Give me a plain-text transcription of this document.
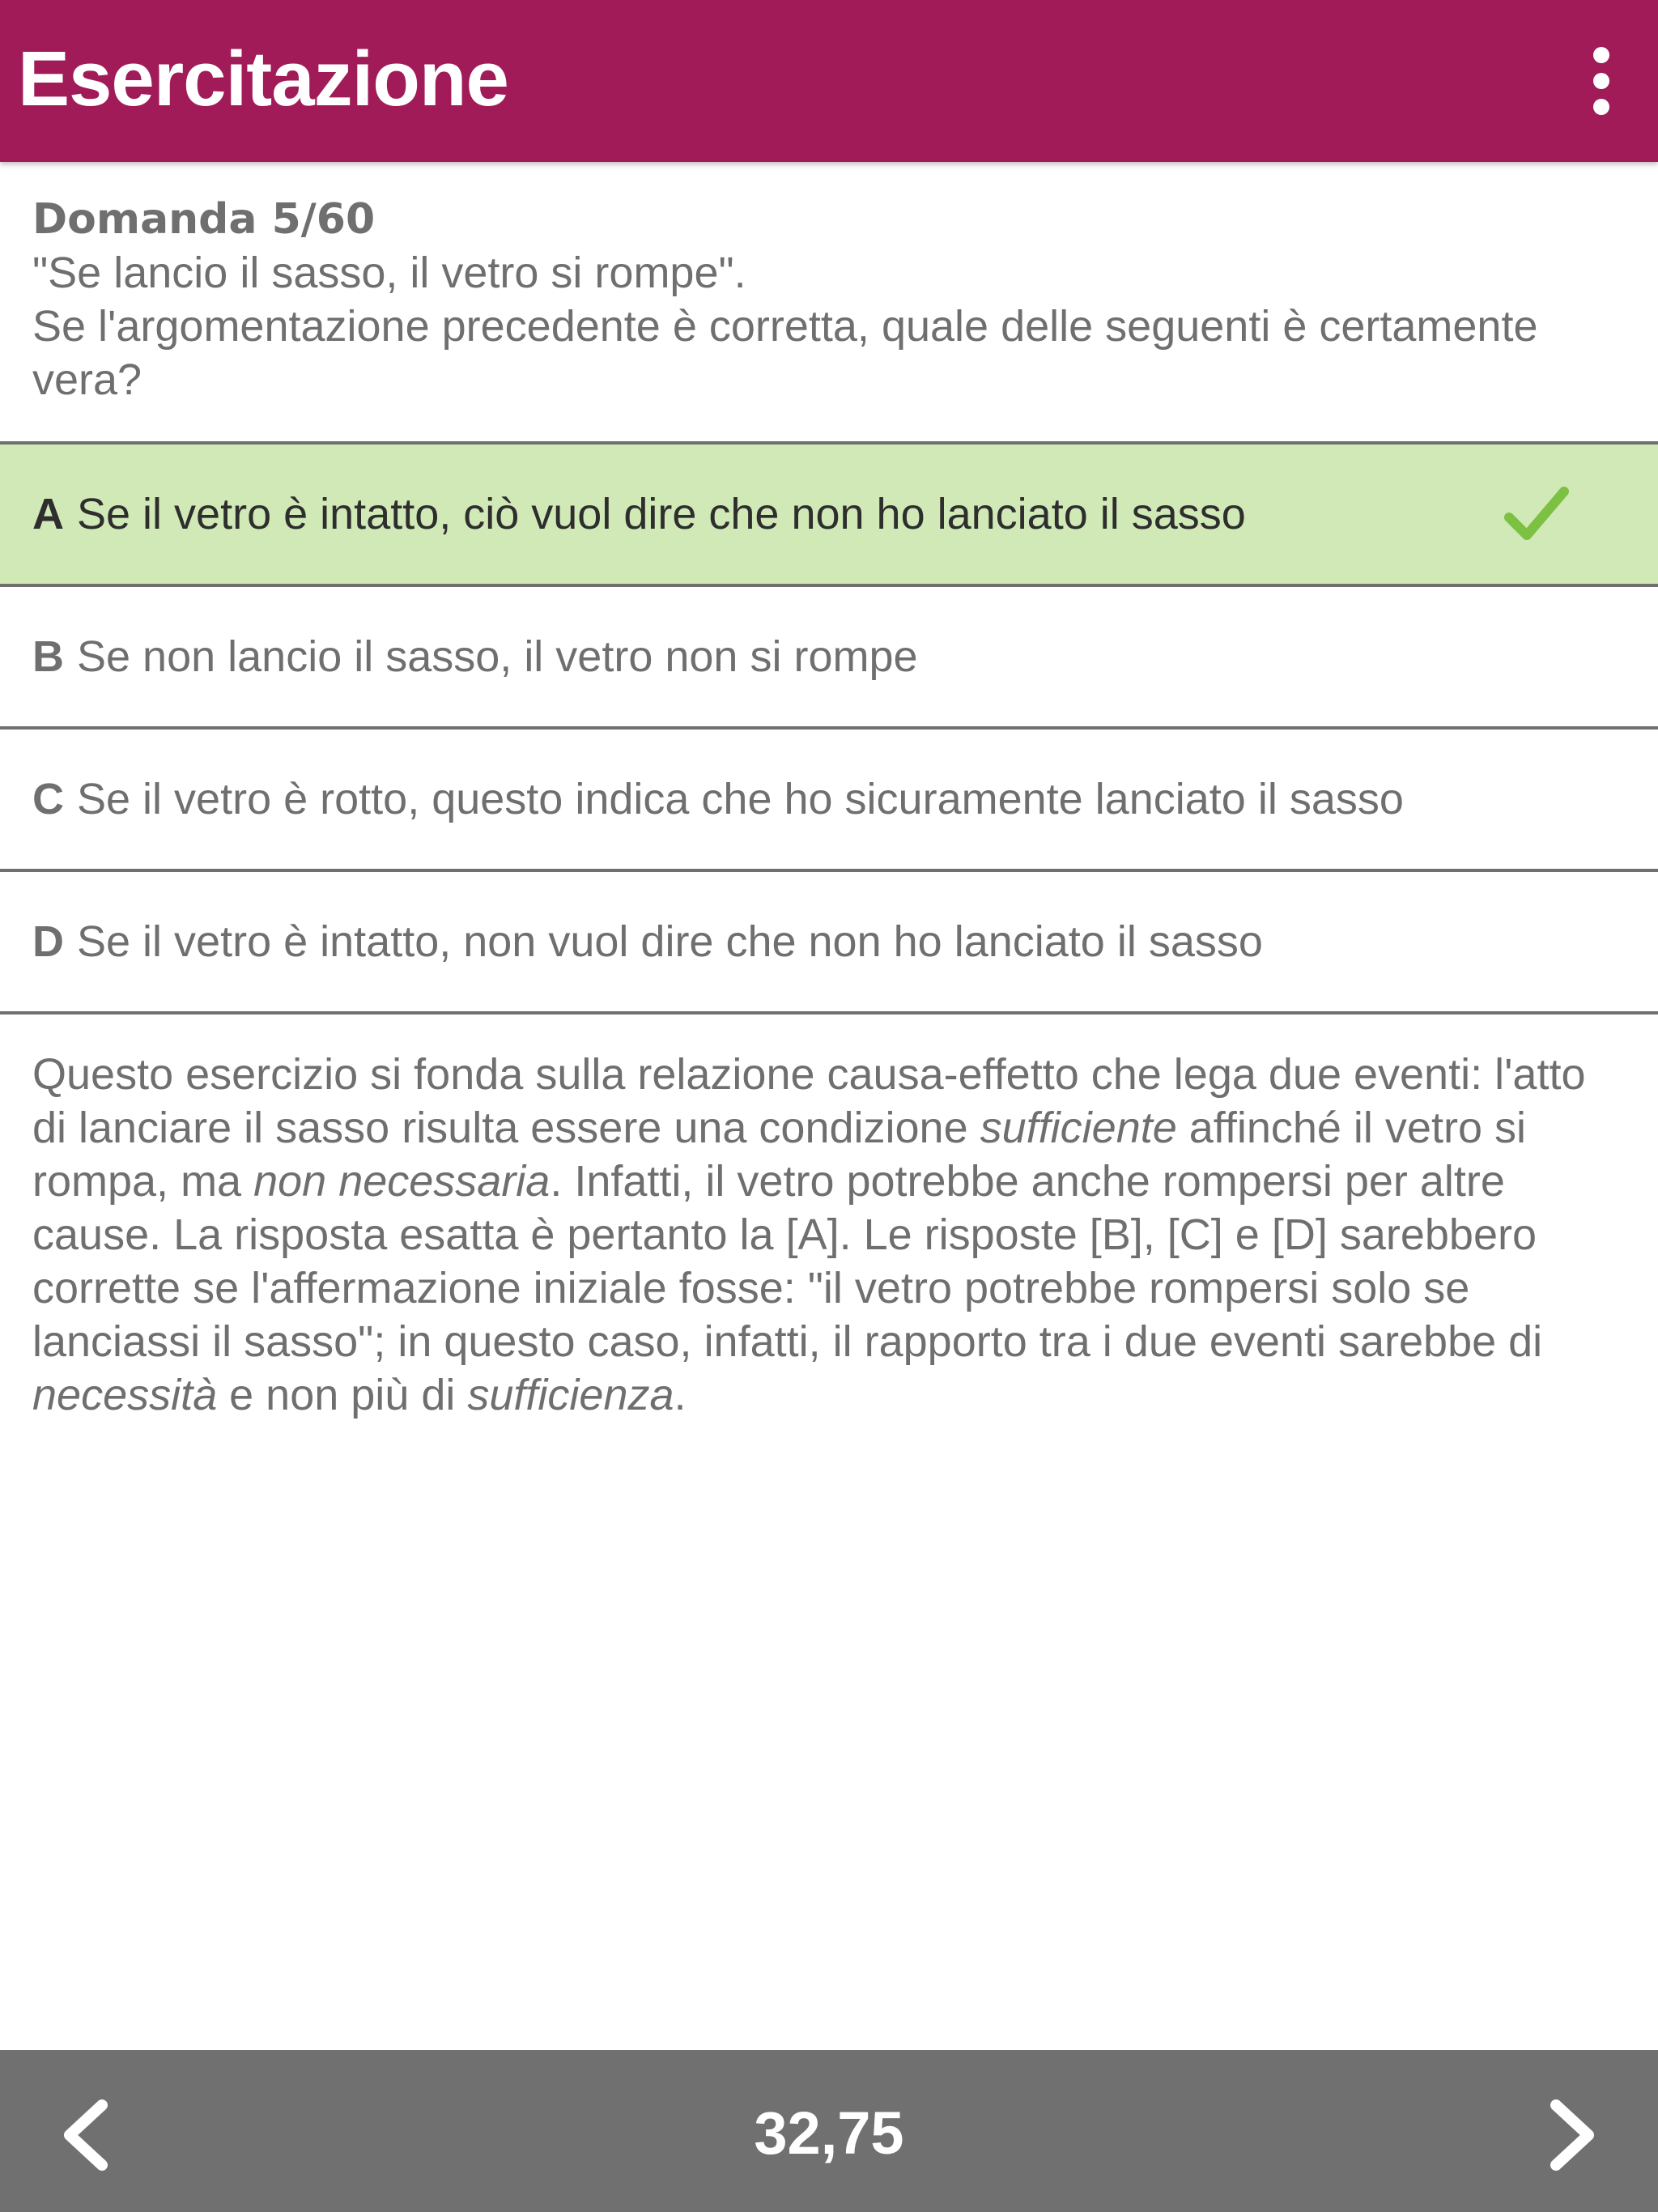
Esercitazione
Domanda 5/60
"Se lancio il sasso, il vetro si rompe".
Se l'argomentazione precedente è corretta, quale delle seguenti è certamente vera?
A Se il vetro è intatto, ciò vuol dire che non ho lanciato il sasso
B Se non lancio il sasso, il vetro non si rompe
C Se il vetro è rotto, questo indica che ho sicuramente lanciato il sasso
D Se il vetro è intatto, non vuol dire che non ho lanciato il sasso
Questo esercizio si fonda sulla relazione causa-effetto che lega due eventi: l'atto di lanciare il sasso risulta essere una condizione sufficiente affinché il vetro si rompa, ma non necessaria. Infatti, il vetro potrebbe anche rompersi per altre cause. La risposta esatta è pertanto la [A]. Le risposte [B], [C] e [D] sarebbero corrette se l'affermazione iniziale fosse: "il vetro potrebbe rompersi solo se lanciassi il sasso"; in questo caso, infatti, il rapporto tra i due eventi sarebbe di necessità e non più di sufficienza.
32,75
